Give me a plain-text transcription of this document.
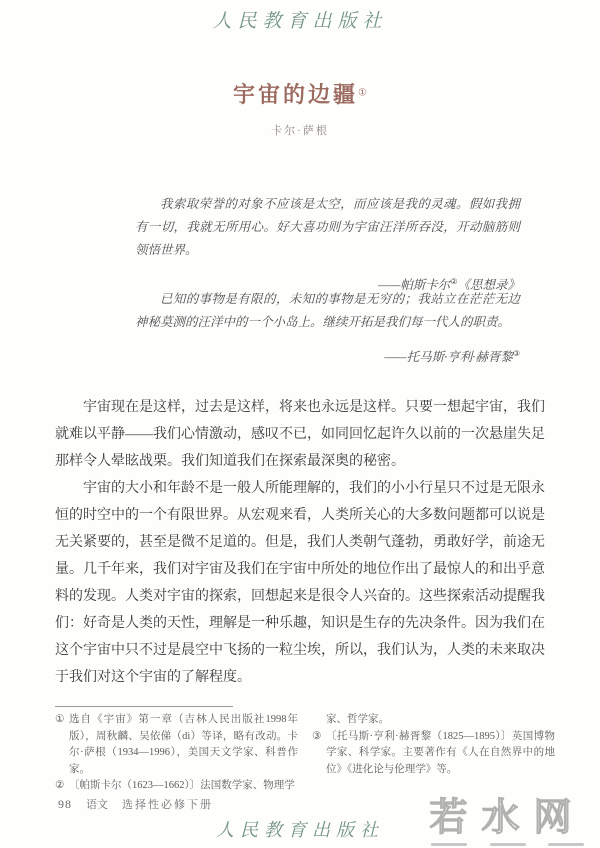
人民教育出版社
宇宙的边疆①
卡尔·萨根
我索取荣誉的对象不应该是太空，而应该是我的灵魂。假如我拥有一切，我就无所用心。好大喜功则为宇宙汪洋所吞没，开动脑筋则领悟世界。
——帕斯卡尔②《思想录》
已知的事物是有限的，未知的事物是无穷的；我站立在茫茫无边神秘莫测的汪洋中的一个小岛上。继续开拓是我们每一代人的职责。
——托马斯·亨利·赫胥黎③

宇宙现在是这样，过去是这样，将来也永远是这样。只要一想起宇宙，我们就难以平静——我们心情激动，感叹不已，如同回忆起许久以前的一次悬崖失足那样令人晕眩战栗。我们知道我们在探索最深奥的秘密。

宇宙的大小和年龄不是一般人所能理解的，我们的小小行星只不过是无限永恒的时空中的一个有限世界。从宏观来看，人类所关心的大多数问题都可以说是无关紧要的，甚至是微不足道的。但是，我们人类朝气蓬勃，勇敢好学，前途无量。几千年来，我们对宇宙及我们在宇宙中所处的地位作出了最惊人的和出乎意料的发现。人类对宇宙的探索，回想起来是很令人兴奋的。这些探索活动提醒我们：好奇是人类的天性，理解是一种乐趣，知识是生存的先决条件。因为我们在这个宇宙中只不过是晨空中飞扬的一粒尘埃，所以，我们认为，人类的未来取决于我们对这个宇宙的了解程度。

① 选自《宇宙》第一章（吉林人民出版社1998年版），周秋麟、吴依俤（dì）等译，略有改动。卡尔·萨根（1934—1996），美国天文学家、科普作家。
② 〔帕斯卡尔（1623—1662）〕法国数学家、物理学
家、哲学家。
③ 〔托马斯·亨利·赫胥黎（1825—1895）〕英国博物学家、科学家。主要著作有《人在自然界中的地位》《进化论与伦理学》等。
98 语文 选择性必修下册	若水网
人民教育出版社
